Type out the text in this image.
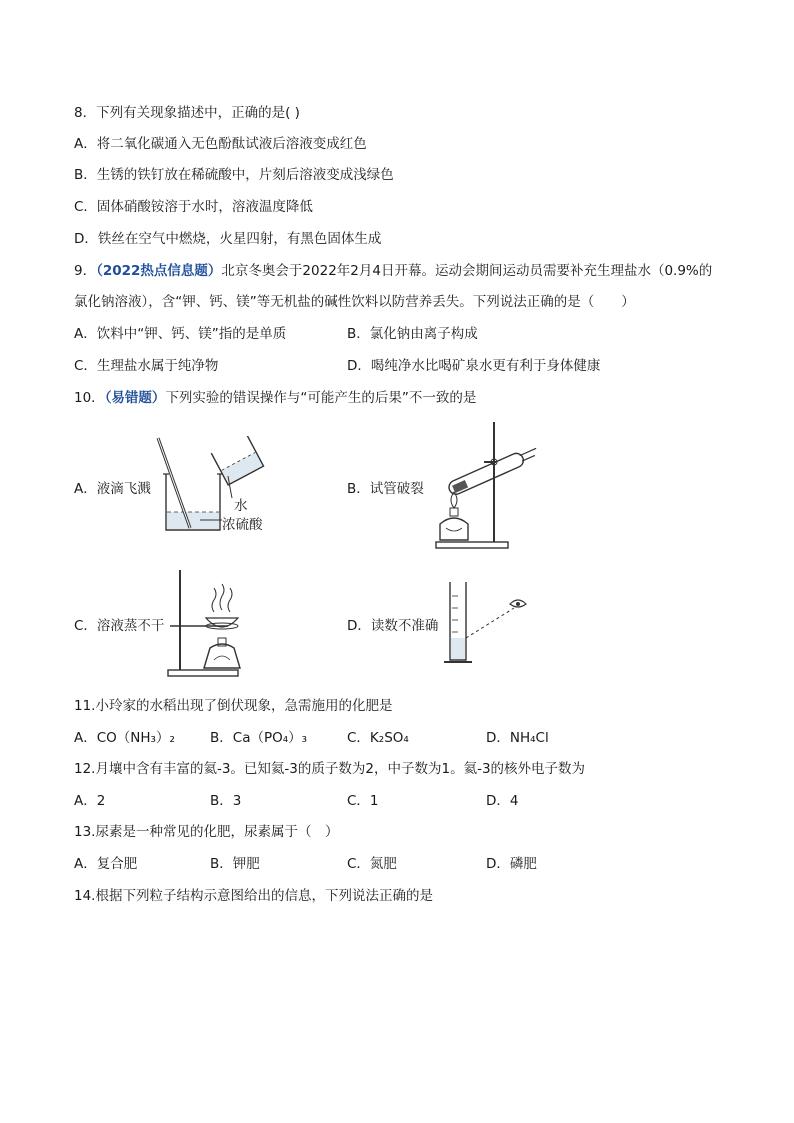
8．下列有关现象描述中，正确的是( )
A．将二氧化碳通入无色酚酞试液后溶液变成红色
B．生锈的铁钉放在稀硫酸中，片刻后溶液变成浅绿色
C．固体硝酸铵溶于水时，溶液温度降低
D．铁丝在空气中燃烧，火星四射，有黑色固体生成
9．（2022热点信息题）北京冬奥会于2022年2月4日开幕。运动会期间运动员需要补充生理盐水（0.9%的
氯化钠溶液），含“钾、钙、镁”等无机盐的碱性饮料以防营养丢失。下列说法正确的是（　　）
A．饮料中“钾、钙、镁”指的是单质	B．氯化钠由离子构成
C．生理盐水属于纯净物	D．喝纯净水比喝矿泉水更有利于身体健康
10．（易错题）下列实验的错误操作与“可能产生的后果”不一致的是
A．液滴飞溅
水
浓硫酸
B．试管破裂
C．溶液蒸不干	D．读数不准确
11.小玲家的水稻出现了倒伏现象，急需施用的化肥是
A．CO（NH₃）₂	B．Ca（PO₄）₃	C．K₂SO₄	D．NH₄Cl
12.月壤中含有丰富的氦-3。已知氦-3的质子数为2，中子数为1。氦-3的核外电子数为
A．2	B．3	C．1	D．4
13.尿素是一种常见的化肥，尿素属于（　）
A．复合肥	B．钾肥	C．氮肥	D．磷肥
14.根据下列粒子结构示意图给出的信息，下列说法正确的是
